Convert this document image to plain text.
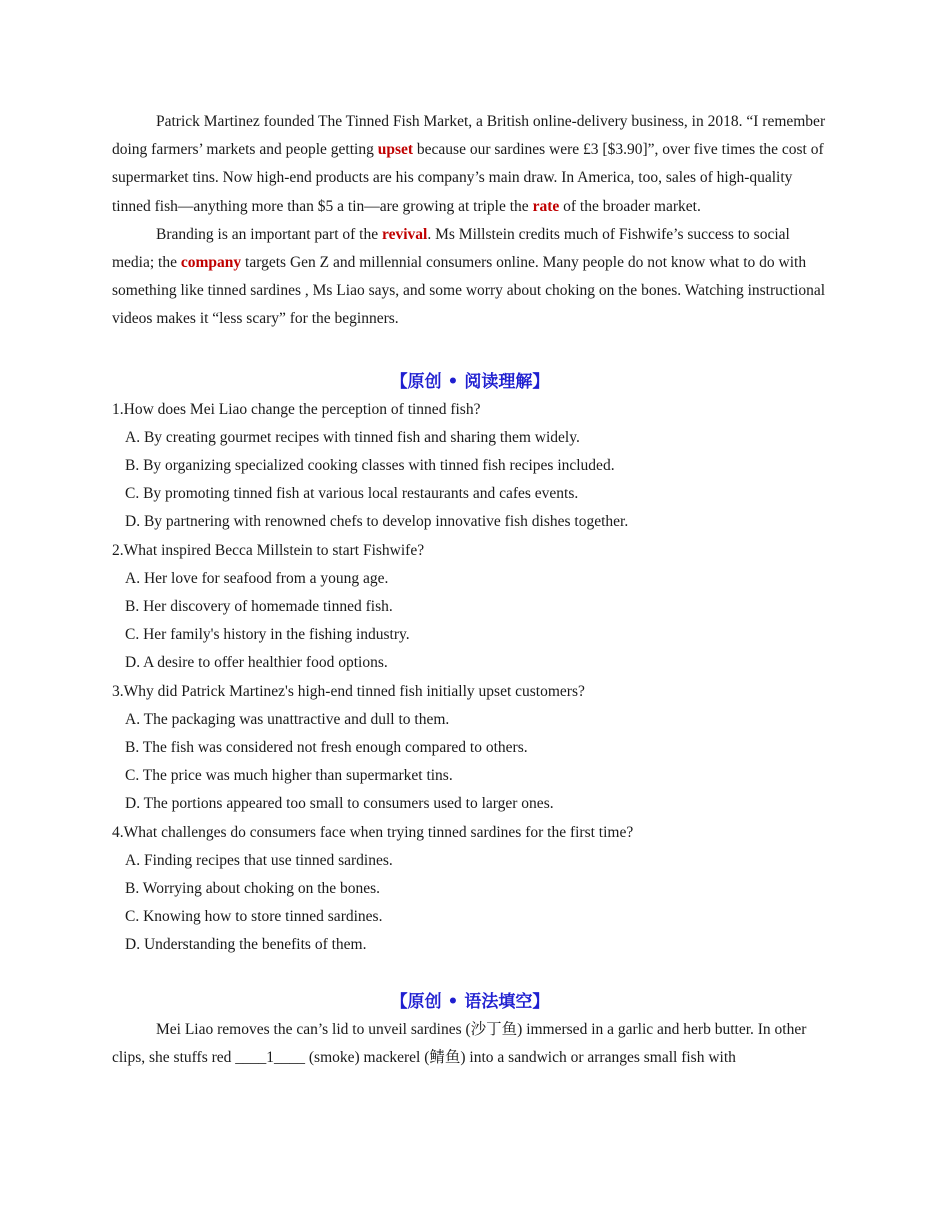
Patrick Martinez founded The Tinned Fish Market, a British online-delivery business, in 2018. “I remember doing farmers’ markets and people getting upset because our sardines were £3 [$3.90]”, over five times the cost of supermarket tins. Now high-end products are his company’s main draw. In America, too, sales of high-quality tinned fish—anything more than $5 a tin—are growing at triple the rate of the broader market.

Branding is an important part of the revival. Ms Millstein credits much of Fishwife’s success to social media; the company targets Gen Z and millennial consumers online. Many people do not know what to do with something like tinned sardines , Ms Liao says, and some worry about choking on the bones. Watching instructional videos makes it “less scary” for the beginners.

【原创 • 阅读理解】

1.How does Mei Liao change the perception of tinned fish?

A. By creating gourmet recipes with tinned fish and sharing them widely.

B. By organizing specialized cooking classes with tinned fish recipes included.

C. By promoting tinned fish at various local restaurants and cafes events.

D. By partnering with renowned chefs to develop innovative fish dishes together.

2.What inspired Becca Millstein to start Fishwife?

A. Her love for seafood from a young age.

B. Her discovery of homemade tinned fish.

C. Her family's history in the fishing industry.

D. A desire to offer healthier food options.

3.Why did Patrick Martinez's high-end tinned fish initially upset customers?

A. The packaging was unattractive and dull to them.

B. The fish was considered not fresh enough compared to others.

C. The price was much higher than supermarket tins.

D. The portions appeared too small to consumers used to larger ones.

4.What challenges do consumers face when trying tinned sardines for the first time?

A. Finding recipes that use tinned sardines.

B. Worrying about choking on the bones.

C. Knowing how to store tinned sardines.

D. Understanding the benefits of them.

【原创 • 语法填空】

Mei Liao removes the can’s lid to unveil sardines (沙丁鱼) immersed in a garlic and herb butter. In other clips, she stuffs red ____1____ (smoke) mackerel (鲭鱼) into a sandwich or arranges small fish with
